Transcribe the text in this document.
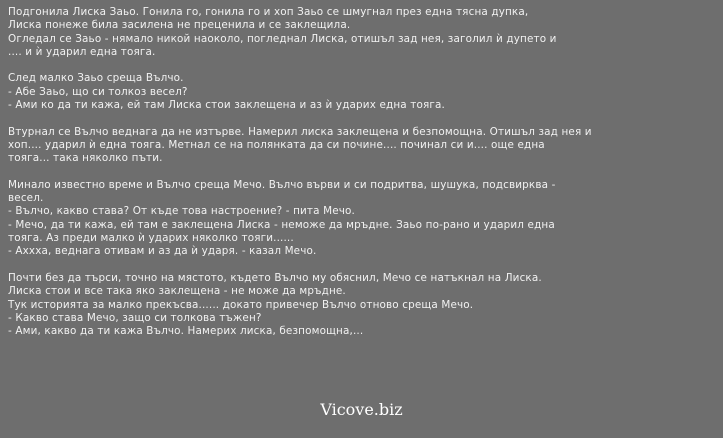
Подгонила Лиска Заьо. Гонила го, гонила го и хоп Заьо се шмугнал през една тясна дупка,
Лиска понеже била засилена не преценила и се заклещила.
Огледал се Заьо - нямало никой наоколо, погледнал Лиска, отишъл зад нея, заголил ѝ дупето и
.... и ѝ ударил една тояга.
След малко Заьо среща Вълчо.
- Абе Заьо, що си толкоз весел?
- Ами ко да ти кажа, ей там Лиска стои заклещена и аз ѝ ударих една тояга.
Втурнал се Вълчо веднага да не изтърве. Намерил лиска заклещена и безпомощна. Отишъл зад нея и
хоп.... ударил ѝ една тояга. Метнал се на полянката да си почине.... починал си и.... още една
тояга... така няколко пъти.
Минало известно време и Вълчо среща Мечо. Вълчо върви и си подритва, шушука, подсвирква -
весел.
- Вълчо, какво става? От къде това настроение? - пита Мечо.
- Мечо, да ти кажа, ей там е заклещена Лиска - неможе да мръдне. Заьо по-рано и ударил една
тояга. Аз преди малко ѝ ударих няколко тояги......
- Аххха, веднага отивам и аз да ѝ ударя. - казал Мечо.
Почти без да търси, точно на мястото, където Вълчо му обяснил, Мечо се натъкнал на Лиска.
Лиска стои и все така яко заклещена - не може да мръдне.
Тук историята за малко прекъсва...... докато привечер Вълчо отново среща Мечо.
- Какво става Мечо, защо си толкова тъжен?
- Ами, какво да ти кажа Вълчо. Намерих лиска, безпомощна,...
Vicove.biz
